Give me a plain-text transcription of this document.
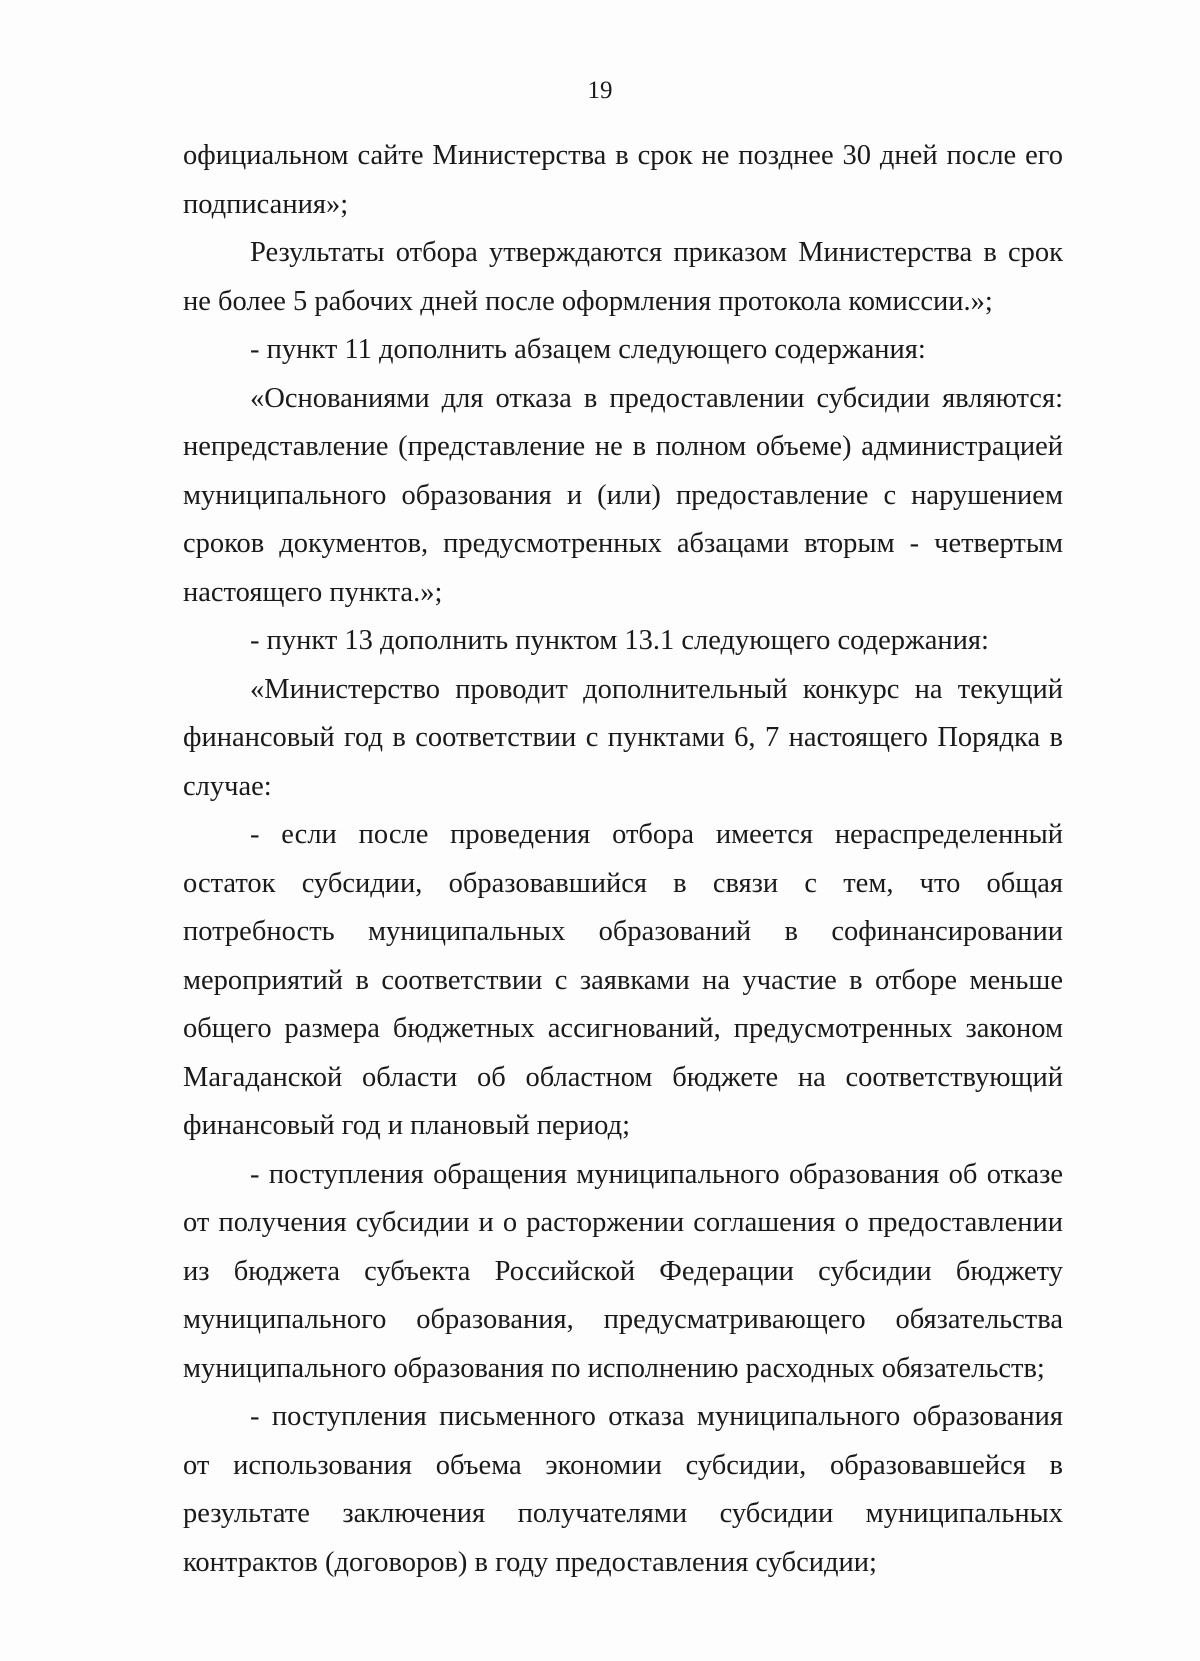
19

официальном сайте Министерства в срок не позднее 30 дней после его подписания»;

Результаты отбора утверждаются приказом Министерства в срок не более 5 рабочих дней после оформления протокола комиссии.»;

- пункт 11 дополнить абзацем следующего содержания:

«Основаниями для отказа в предоставлении субсидии являются: непредставление (представление не в полном объеме) администрацией муниципального образования и (или) предоставление с нарушением сроков документов, предусмотренных абзацами вторым - четвертым настоящего пункта.»;

- пункт 13 дополнить пунктом 13.1 следующего содержания:

«Министерство проводит дополнительный конкурс на текущий финансовый год в соответствии с пунктами 6, 7 настоящего Порядка в случае:

- если после проведения отбора имеется нераспределенный остаток субсидии, образовавшийся в связи с тем, что общая потребность муниципальных образований в софинансировании мероприятий в соответствии с заявками на участие в отборе меньше общего размера бюджетных ассигнований, предусмотренных законом Магаданской области об областном бюджете на соответствующий финансовый год и плановый период;

- поступления обращения муниципального образования об отказе от получения субсидии и о расторжении соглашения о предоставлении из бюджета субъекта Российской Федерации субсидии бюджету муниципального образования, предусматривающего обязательства муниципального образования по исполнению расходных обязательств;

- поступления письменного отказа муниципального образования от использования объема экономии субсидии, образовавшейся в результате заключения получателями субсидии муниципальных контрактов (договоров) в году предоставления субсидии;
